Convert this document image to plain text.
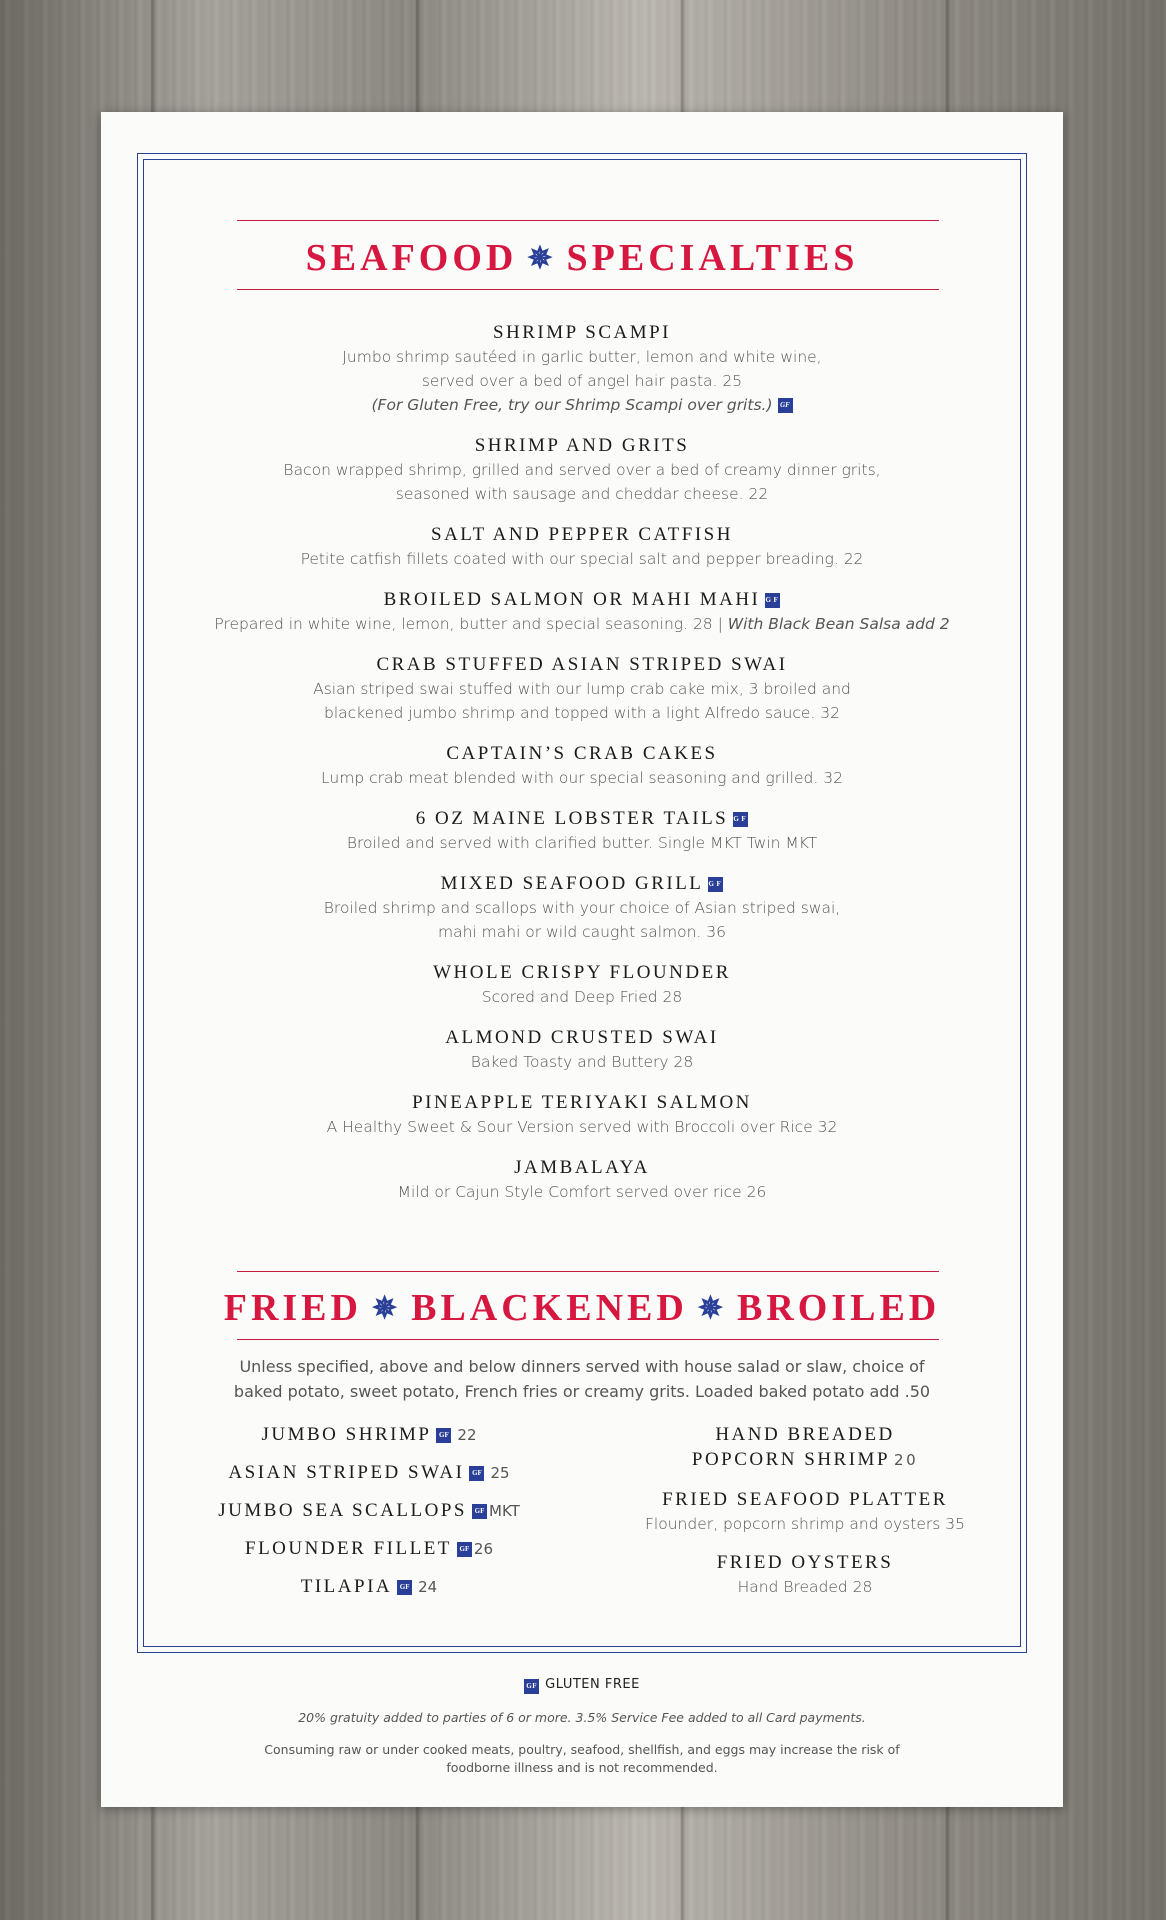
SEAFOOD ✵ SPECIALTIES
SHRIMP SCAMPI
Jumbo shrimp sautéed in garlic butter, lemon and white wine,
served over a bed of angel hair pasta. 25
(For Gluten Free, try our Shrimp Scampi over grits.) GF
SHRIMP AND GRITS
Bacon wrapped shrimp, grilled and served over a bed of creamy dinner grits,
seasoned with sausage and cheddar cheese. 22
SALT AND PEPPER CATFISH
Petite catfish fillets coated with our special salt and pepper breading. 22
BROILED SALMON OR MAHI MAHI GF
Prepared in white wine, lemon, butter and special seasoning. 28 | With Black Bean Salsa add 2
CRAB STUFFED ASIAN STRIPED SWAI
Asian striped swai stuffed with our lump crab cake mix, 3 broiled and
blackened jumbo shrimp and topped with a light Alfredo sauce. 32
CAPTAIN’S CRAB CAKES
Lump crab meat blended with our special seasoning and grilled. 32
6 OZ MAINE LOBSTER TAILS GF
Broiled and served with clarified butter. Single MKT Twin MKT
MIXED SEAFOOD GRILL GF
Broiled shrimp and scallops with your choice of Asian striped swai,
mahi mahi or wild caught salmon. 36
WHOLE CRISPY FLOUNDER
Scored and Deep Fried 28
ALMOND CRUSTED SWAI
Baked Toasty and Buttery 28
PINEAPPLE TERIYAKI SALMON
A Healthy Sweet & Sour Version served with Broccoli over Rice 32
JAMBALAYA
Mild or Cajun Style Comfort served over rice 26
FRIED ✵ BLACKENED ✵ BROILED
Unless specified, above and below dinners served with house salad or slaw, choice of
baked potato, sweet potato, French fries or creamy grits. Loaded baked potato add .50
JUMBO SHRIMP GF 22
ASIAN STRIPED SWAI GF 25
JUMBO SEA SCALLOPS GF MKT
FLOUNDER FILLET GF 26
TILAPIA GF 24
HAND BREADED
POPCORN SHRIMP 20
FRIED SEAFOOD PLATTER
Flounder, popcorn shrimp and oysters 35
FRIED OYSTERS
Hand Breaded 28
GF GLUTEN FREE
20% gratuity added to parties of 6 or more. 3.5% Service Fee added to all Card payments.
Consuming raw or under cooked meats, poultry, seafood, shellfish, and eggs may increase the risk of foodborne illness and is not recommended.
